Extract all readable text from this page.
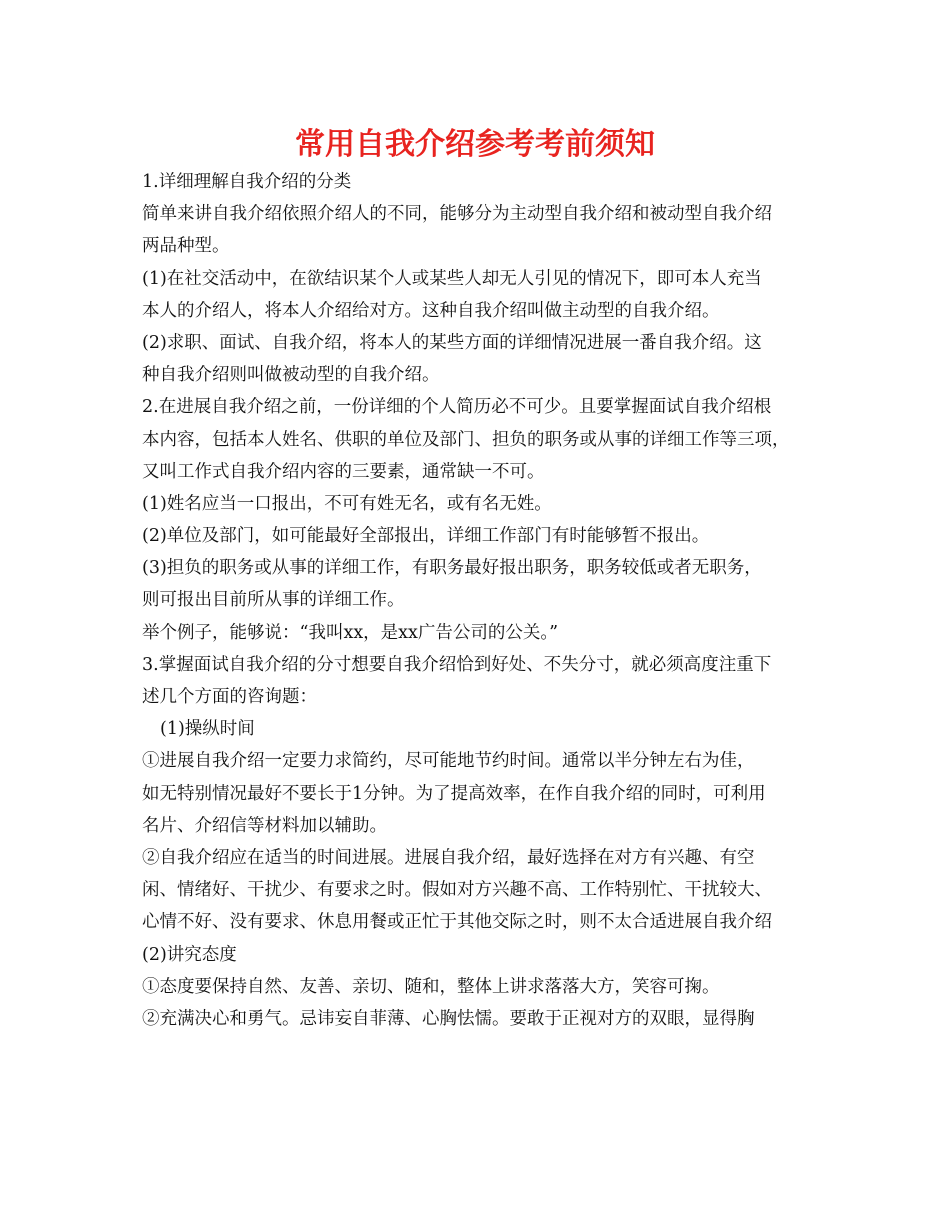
常用自我介绍参考考前须知
1.详细理解自我介绍的分类
简单来讲自我介绍依照介绍人的不同，能够分为主动型自我介绍和被动型自我介绍
两品种型。
(1)在社交活动中，在欲结识某个人或某些人却无人引见的情况下，即可本人充当
本人的介绍人，将本人介绍给对方。这种自我介绍叫做主动型的自我介绍。
(2)求职、面试、自我介绍，将本人的某些方面的详细情况进展一番自我介绍。这
种自我介绍则叫做被动型的自我介绍。
2.在进展自我介绍之前，一份详细的个人简历必不可少。且要掌握面试自我介绍根
本内容，包括本人姓名、供职的单位及部门、担负的职务或从事的详细工作等三项，
又叫工作式自我介绍内容的三要素，通常缺一不可。
(1)姓名应当一口报出，不可有姓无名，或有名无姓。
(2)单位及部门，如可能最好全部报出，详细工作部门有时能够暂不报出。
(3)担负的职务或从事的详细工作，有职务最好报出职务，职务较低或者无职务，
则可报出目前所从事的详细工作。
举个例子，能够说：“我叫xx，是xx广告公司的公关。”
3.掌握面试自我介绍的分寸想要自我介绍恰到好处、不失分寸，就必须高度注重下
述几个方面的咨询题：
(1)操纵时间
①进展自我介绍一定要力求简约，尽可能地节约时间。通常以半分钟左右为佳，
如无特别情况最好不要长于1分钟。为了提高效率，在作自我介绍的同时，可利用
名片、介绍信等材料加以辅助。
②自我介绍应在适当的时间进展。进展自我介绍，最好选择在对方有兴趣、有空
闲、情绪好、干扰少、有要求之时。假如对方兴趣不高、工作特别忙、干扰较大、
心情不好、没有要求、休息用餐或正忙于其他交际之时，则不太合适进展自我介绍
(2)讲究态度
①态度要保持自然、友善、亲切、随和，整体上讲求落落大方，笑容可掬。
②充满决心和勇气。忌讳妄自菲薄、心胸怯懦。要敢于正视对方的双眼，显得胸
